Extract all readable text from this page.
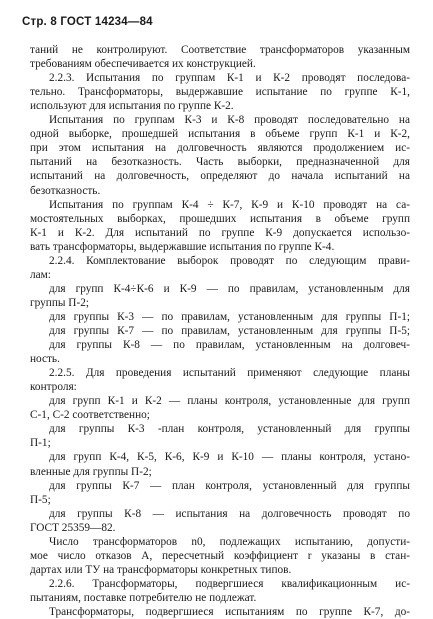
Стр. 8 ГОСТ 14234—84
таний не контролируют. Соответствие трансформаторов указанным
требованиям обеспечивается их конструкцией.
2.2.3. Испытания по группам К-1 и К-2 проводят последова-
тельно. Трансформаторы, выдержавшие испытание по группе К-1,
используют для испытания по группе К-2.
Испытания по группам К-3 и К-8 проводят последовательно на
одной выборке, прошедшей испытания в объеме групп К-1 и К-2,
при этом испытания на долговечность являются продолжением ис-
пытаний на безотказность. Часть выборки, предназначенной для
испытаний на долговечность, определяют до начала испытаний на
безотказность.
Испытания по группам К-4 ÷ К-7, К-9 и К-10 проводят на са-
мостоятельных выборках, прошедших испытания в объеме групп
К-1 и К-2. Для испытаний по группе К-9 допускается использо-
вать трансформаторы, выдержавшие испытания по группе К-4.
2.2.4. Комплектование выборок проводят по следующим прави-
лам:
для групп К-4÷К-6 и К-9 — по правилам, установленным для
группы П-2;
для группы К-3 — по правилам, установленным для группы П-1;
для группы К-7 — по правилам, установленным для группы П-5;
для группы К-8 — по правилам, установленным на долговеч-
ность.
2.2.5. Для проведения испытаний применяют следующие планы
контроля:
для групп К-1 и К-2 — планы контроля, установленные для групп
С-1, С-2 соответственно;
для группы К-3 -план контроля, установленный для группы
П-1;
для групп К-4, К-5, К-6, К-9 и К-10 — планы контроля, устано-
вленные для группы П-2;
для группы К-7 — план контроля, установленный для группы
П-5;
для группы К-8 — испытания на долговечность проводят по
ГОСТ 25359—82.
Число трансформаторов n0, подлежащих испытанию, допусти-
мое число отказов A, пересчетный коэффициент r указаны в стан-
дартах или ТУ на трансформаторы конкретных типов.
2.2.6. Трансформаторы, подвергшиеся квалификационным ис-
пытаниям, поставке потребителю не подлежат.
Трансформаторы, подвергшиеся испытаниям по группе К-7, до-
